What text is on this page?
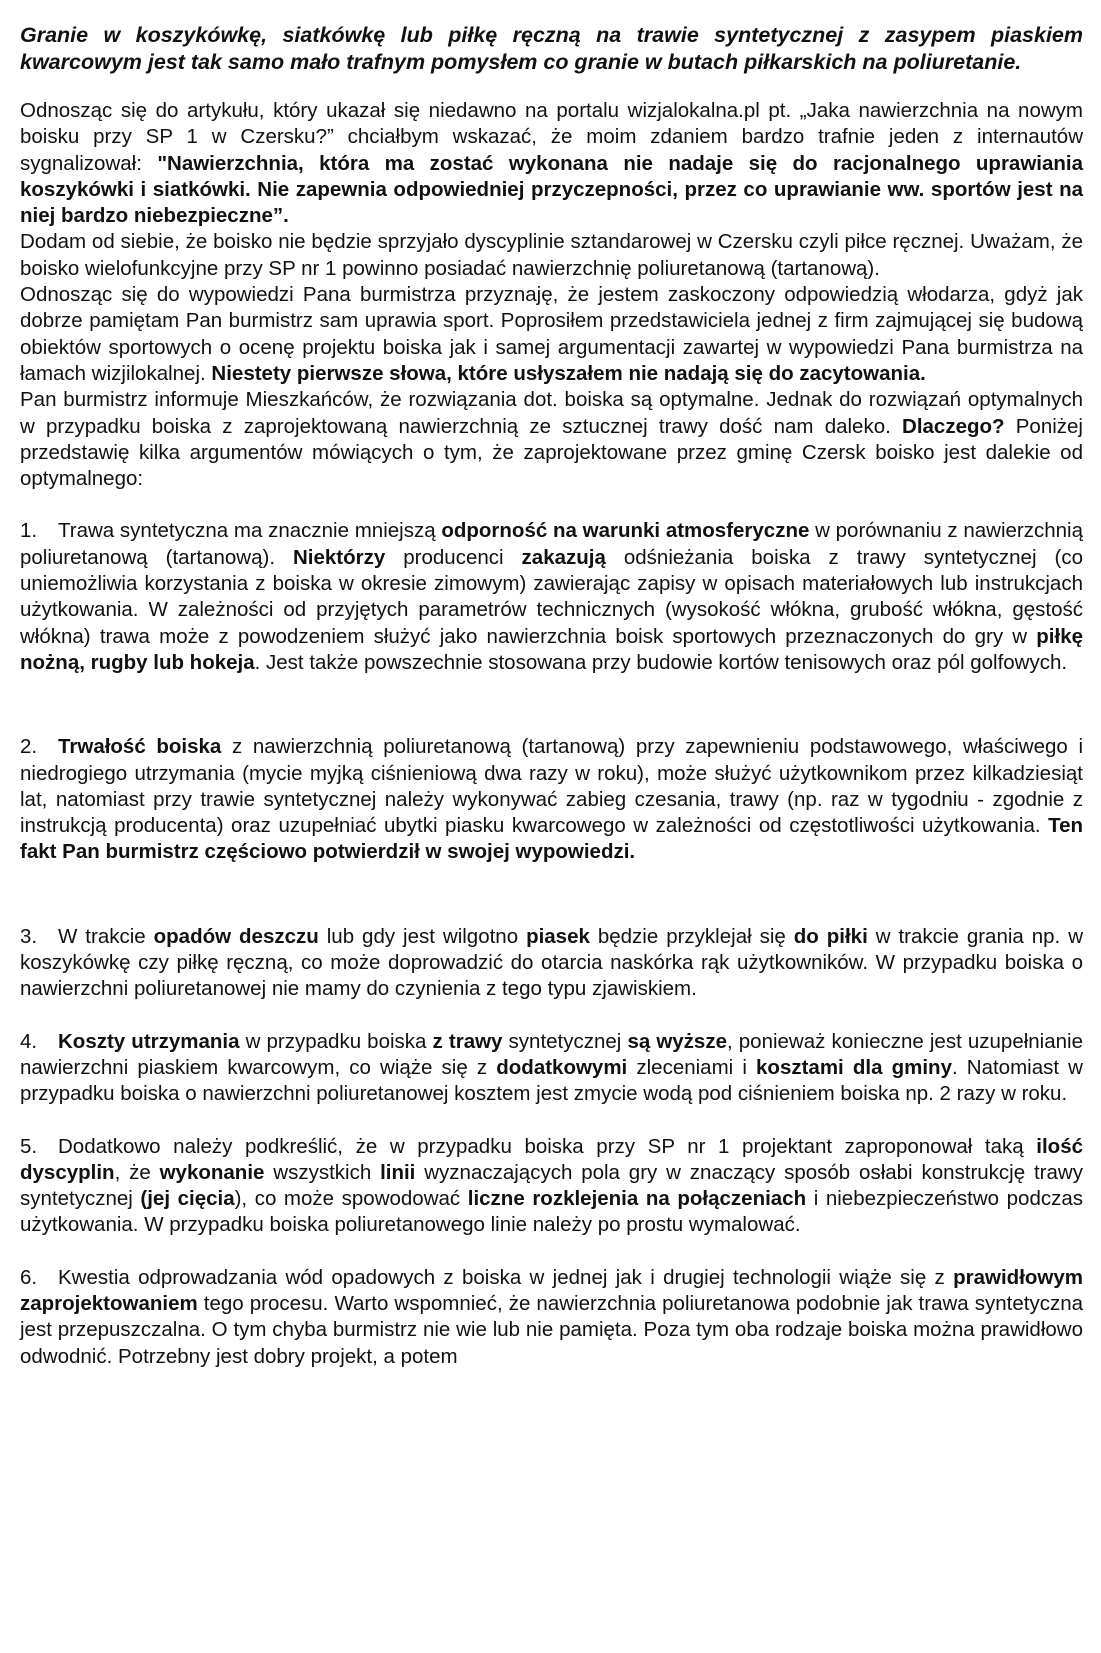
Granie w koszykówkę, siatkówkę lub piłkę ręczną na trawie syntetycznej z zasypem piaskiem kwarcowym jest tak samo mało trafnym pomysłem co granie w butach piłkarskich na poliuretanie.

Odnosząc się do artykułu, który ukazał się niedawno na portalu wizjalokalna.pl pt. „Jaka nawierzchnia na nowym boisku przy SP 1 w Czersku?” chciałbym wskazać, że moim zdaniem bardzo trafnie jeden z internautów sygnalizował: "Nawierzchnia, która ma zostać wykonana nie nadaje się do racjonalnego uprawiania koszykówki i siatkówki. Nie zapewnia odpowiedniej przyczepności, przez co uprawianie ww. sportów jest na niej bardzo niebezpieczne”.

Dodam od siebie, że boisko nie będzie sprzyjało dyscyplinie sztandarowej w Czersku czyli piłce ręcznej. Uważam, że boisko wielofunkcyjne przy SP nr 1 powinno posiadać nawierzchnię poliuretanową (tartanową).

Odnosząc się do wypowiedzi Pana burmistrza przyznaję, że jestem zaskoczony odpowiedzią włodarza, gdyż jak dobrze pamiętam Pan burmistrz sam uprawia sport. Poprosiłem przedstawiciela jednej z firm zajmującej się budową obiektów sportowych o ocenę projektu boiska jak i samej argumentacji zawartej w wypowiedzi Pana burmistrza na łamach wizjilokalnej. Niestety pierwsze słowa, które usłyszałem nie nadają się do zacytowania.

Pan burmistrz informuje Mieszkańców, że rozwiązania dot. boiska są optymalne. Jednak do rozwiązań optymalnych w przypadku boiska z zaprojektowaną nawierzchnią ze sztucznej trawy dość nam daleko. Dlaczego? Poniżej przedstawię kilka argumentów mówiących o tym, że zaprojektowane przez gminę Czersk boisko jest dalekie od optymalnego:

1. Trawa syntetyczna ma znacznie mniejszą odporność na warunki atmosferyczne w porównaniu z nawierzchnią poliuretanową (tartanową). Niektórzy producenci zakazują odśnieżania boiska z trawy syntetycznej (co uniemożliwia korzystania z boiska w okresie zimowym) zawierając zapisy w opisach materiałowych lub instrukcjach użytkowania. W zależności od przyjętych parametrów technicznych (wysokość włókna, grubość włókna, gęstość włókna) trawa może z powodzeniem służyć jako nawierzchnia boisk sportowych przeznaczonych do gry w piłkę nożną, rugby lub hokeja. Jest także powszechnie stosowana przy budowie kortów tenisowych oraz pól golfowych.

2. Trwałość boiska z nawierzchnią poliuretanową (tartanową) przy zapewnieniu podstawowego, właściwego i niedrogiego utrzymania (mycie myjką ciśnieniową dwa razy w roku), może służyć użytkownikom przez kilkadziesiąt lat, natomiast przy trawie syntetycznej należy wykonywać zabieg czesania, trawy (np. raz w tygodniu - zgodnie z instrukcją producenta) oraz uzupełniać ubytki piasku kwarcowego w zależności od częstotliwości użytkowania. Ten fakt Pan burmistrz częściowo potwierdził w swojej wypowiedzi.

3. W trakcie opadów deszczu lub gdy jest wilgotno piasek będzie przyklejał się do piłki w trakcie grania np. w koszykówkę czy piłkę ręczną, co może doprowadzić do otarcia naskórka rąk użytkowników. W przypadku boiska o nawierzchni poliuretanowej nie mamy do czynienia z tego typu zjawiskiem.

4. Koszty utrzymania w przypadku boiska z trawy syntetycznej są wyższe, ponieważ konieczne jest uzupełnianie nawierzchni piaskiem kwarcowym, co wiąże się z dodatkowymi zleceniami i kosztami dla gminy. Natomiast w przypadku boiska o nawierzchni poliuretanowej kosztem jest zmycie wodą pod ciśnieniem boiska np. 2 razy w roku.

5. Dodatkowo należy podkreślić, że w przypadku boiska przy SP nr 1 projektant zaproponował taką ilość dyscyplin, że wykonanie wszystkich linii wyznaczających pola gry w znaczący sposób osłabi konstrukcję trawy syntetycznej (jej cięcia), co może spowodować liczne rozklejenia na połączeniach i niebezpieczeństwo podczas użytkowania. W przypadku boiska poliuretanowego linie należy po prostu wymalować.

6. Kwestia odprowadzania wód opadowych z boiska w jednej jak i drugiej technologii wiąże się z prawidłowym zaprojektowaniem tego procesu. Warto wspomnieć, że nawierzchnia poliuretanowa podobnie jak trawa syntetyczna jest przepuszczalna. O tym chyba burmistrz nie wie lub nie pamięta. Poza tym oba rodzaje boiska można prawidłowo odwodnić. Potrzebny jest dobry projekt, a potem
